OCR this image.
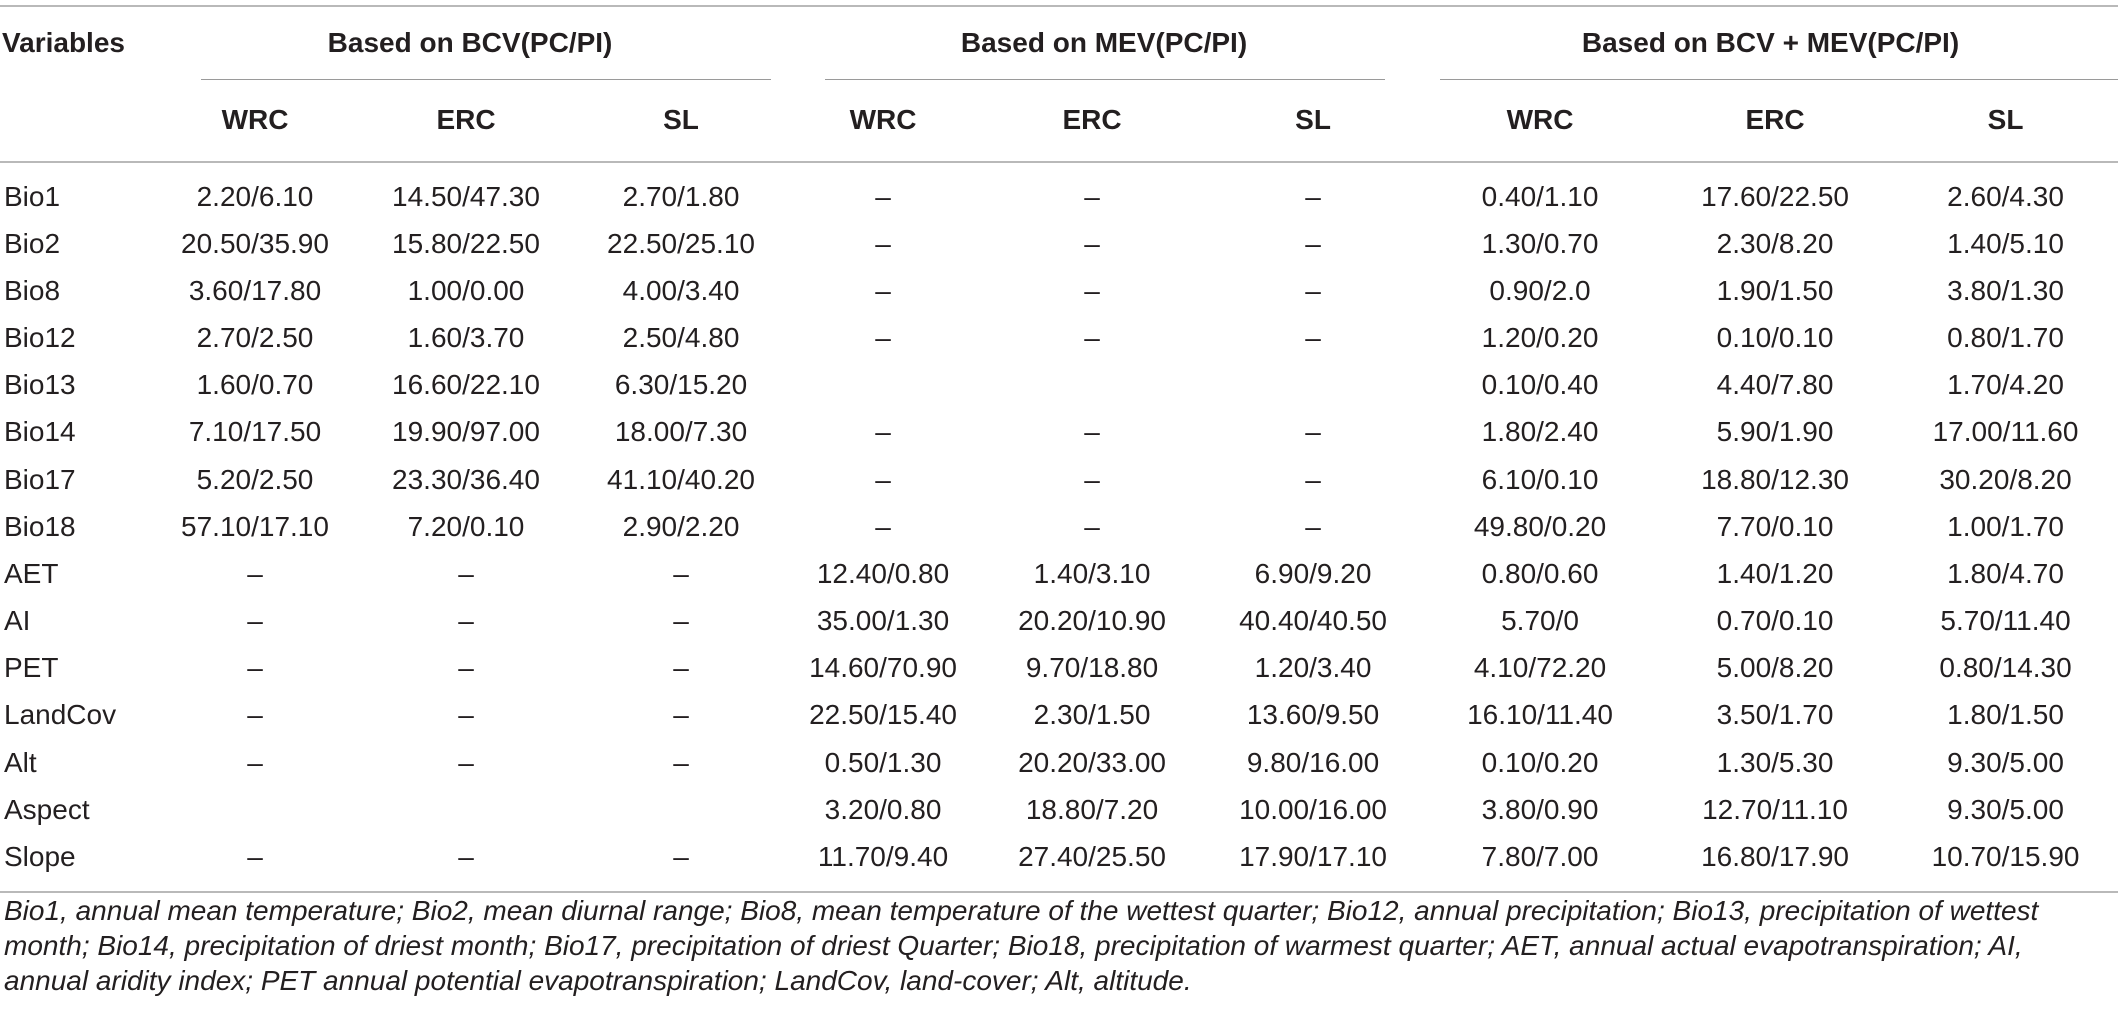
Variables	Based on BCV(PC/PI)			Based on MEV(PC/PI)			Based on BCV + MEV(PC/PI)		

	WRC	ERC	SL	WRC	ERC	SL	WRC	ERC	SL
Bio1	2.20/6.10	14.50/47.30	2.70/1.80	–	–	–	0.40/1.10	17.60/22.50	2.60/4.30
Bio2	20.50/35.90	15.80/22.50	22.50/25.10	–	–	–	1.30/0.70	2.30/8.20	1.40/5.10
Bio8	3.60/17.80	1.00/0.00	4.00/3.40	–	–	–	0.90/2.0	1.90/1.50	3.80/1.30
Bio12	2.70/2.50	1.60/3.70	2.50/4.80	–	–	–	1.20/0.20	0.10/0.10	0.80/1.70
Bio13	1.60/0.70	16.60/22.10	6.30/15.20				0.10/0.40	4.40/7.80	1.70/4.20
Bio14	7.10/17.50	19.90/97.00	18.00/7.30	–	–	–	1.80/2.40	5.90/1.90	17.00/11.60
Bio17	5.20/2.50	23.30/36.40	41.10/40.20	–	–	–	6.10/0.10	18.80/12.30	30.20/8.20
Bio18	57.10/17.10	7.20/0.10	2.90/2.20	–	–	–	49.80/0.20	7.70/0.10	1.00/1.70
AET	–	–	–	12.40/0.80	1.40/3.10	6.90/9.20	0.80/0.60	1.40/1.20	1.80/4.70
AI	–	–	–	35.00/1.30	20.20/10.90	40.40/40.50	5.70/0	0.70/0.10	5.70/11.40
PET	–	–	–	14.60/70.90	9.70/18.80	1.20/3.40	4.10/72.20	5.00/8.20	0.80/14.30
LandCov	–	–	–	22.50/15.40	2.30/1.50	13.60/9.50	16.10/11.40	3.50/1.70	1.80/1.50
Alt	–	–	–	0.50/1.30	20.20/33.00	9.80/16.00	0.10/0.20	1.30/5.30	9.30/5.00
Aspect				3.20/0.80	18.80/7.20	10.00/16.00	3.80/0.90	12.70/11.10	9.30/5.00
Slope	–	–	–	11.70/9.40	27.40/25.50	17.90/17.10	7.80/7.00	16.80/17.90	10.70/15.90
Bio1, annual mean temperature; Bio2, mean diurnal range; Bio8, mean temperature of the wettest quarter; Bio12, annual precipitation; Bio13, precipitation of wettest month; Bio14, precipitation of driest month; Bio17, precipitation of driest Quarter; Bio18, precipitation of warmest quarter; AET, annual actual evapotranspiration; AI, annual aridity index; PET annual potential evapotranspiration; LandCov, land-cover; Alt, altitude.
